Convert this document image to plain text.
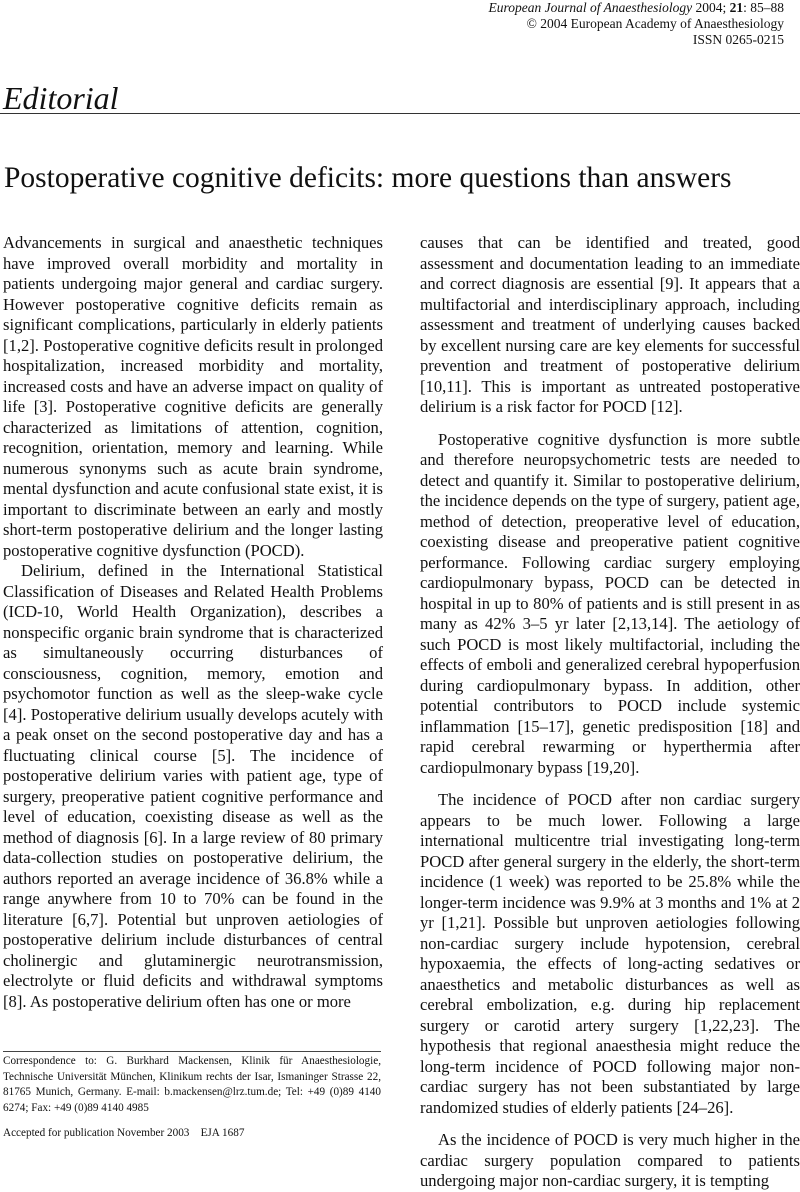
European Journal of Anaesthesiology 2004; 21: 85–88
© 2004 European Academy of Anaesthesiology
ISSN 0265-0215
Editorial
Postoperative cognitive deficits: more questions than answers

Advancements in surgical and anaesthetic techniques have improved overall morbidity and mortality in patients undergoing major general and cardiac surgery. However postoperative cognitive deficits remain as significant complications, particularly in elderly patients [1,2]. Postoperative cognitive deficits result in prolonged hospitalization, increased morbidity and mortality, increased costs and have an adverse impact on quality of life [3]. Postoperative cognitive deficits are generally characterized as limitations of attention, cognition, recognition, orientation, memory and learning. While numerous synonyms such as acute brain syndrome, mental dysfunction and acute confusional state exist, it is important to discriminate between an early and mostly short-term postoperative delirium and the longer lasting postoperative cognitive dysfunction (POCD).

Delirium, defined in the International Statistical Classification of Diseases and Related Health Problems (ICD-10, World Health Organization), describes a nonspecific organic brain syndrome that is characterized as simultaneously occurring disturbances of consciousness, cognition, memory, emotion and psychomotor function as well as the sleep-wake cycle [4]. Postoperative delirium usually develops acutely with a peak onset on the second postoperative day and has a fluctuating clinical course [5]. The incidence of postoperative delirium varies with patient age, type of surgery, preoperative patient cognitive performance and level of education, coexisting disease as well as the method of diagnosis [6]. In a large review of 80 primary data-collection studies on postoperative delirium, the authors reported an average incidence of 36.8% while a range anywhere from 10 to 70% can be found in the literature [6,7]. Potential but unproven aetiologies of postoperative delirium include disturbances of central cholinergic and glutaminergic neurotransmission, electrolyte or fluid deficits and withdrawal symptoms [8]. As postoperative delirium often has one or more

causes that can be identified and treated, good assessment and documentation leading to an immediate and correct diagnosis are essential [9]. It appears that a multifactorial and interdisciplinary approach, including assessment and treatment of underlying causes backed by excellent nursing care are key elements for successful prevention and treatment of postoperative delirium [10,11]. This is important as untreated postoperative delirium is a risk factor for POCD [12].

Postoperative cognitive dysfunction is more subtle and therefore neuropsychometric tests are needed to detect and quantify it. Similar to postoperative delirium, the incidence depends on the type of surgery, patient age, method of detection, preoperative level of education, coexisting disease and preoperative patient cognitive performance. Following cardiac surgery employing cardiopulmonary bypass, POCD can be detected in hospital in up to 80% of patients and is still present in as many as 42% 3–5 yr later [2,13,14]. The aetiology of such POCD is most likely multifactorial, including the effects of emboli and generalized cerebral hypoperfusion during cardiopulmonary bypass. In addition, other potential contributors to POCD include systemic inflammation [15–17], genetic predisposition [18] and rapid cerebral rewarming or hyperthermia after cardiopulmonary bypass [19,20].

The incidence of POCD after non cardiac surgery appears to be much lower. Following a large international multicentre trial investigating long-term POCD after general surgery in the elderly, the short-term incidence (1 week) was reported to be 25.8% while the longer-term incidence was 9.9% at 3 months and 1% at 2 yr [1,21]. Possible but unproven aetiologies following non-cardiac surgery include hypotension, cerebral hypoxaemia, the effects of long-acting sedatives or anaesthetics and metabolic disturbances as well as cerebral embolization, e.g. during hip replacement surgery or carotid artery surgery [1,22,23]. The hypothesis that regional anaesthesia might reduce the long-term incidence of POCD following major non-cardiac surgery has not been substantiated by large randomized studies of elderly patients [24–26].

As the incidence of POCD is very much higher in the cardiac surgery population compared to patients undergoing major non-cardiac surgery, it is tempting

Correspondence to: G. Burkhard Mackensen, Klinik für Anaesthesiologie, Technische Universität München, Klinikum rechts der Isar, Ismaninger Strasse 22, 81765 Munich, Germany. E-mail: b.mackensen@lrz.tum.de; Tel: +49 (0)89 4140 6274; Fax: +49 (0)89 4140 4985
Accepted for publication November 2003 EJA 1687
